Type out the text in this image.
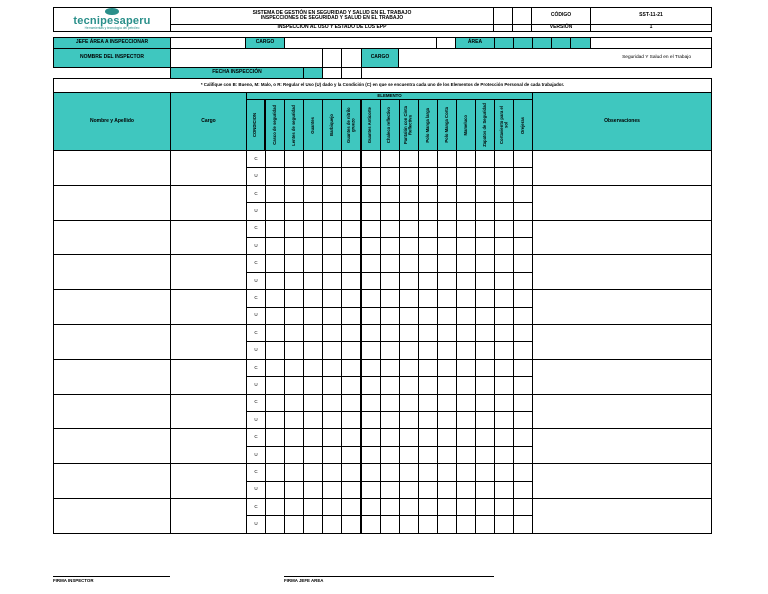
tecnipesaperu
Herramientas y tecnología del petróleo
SISTEMA DE GESTIÓN EN SEGURIDAD Y SALUD EN EL TRABAJO
INSPECCIONES DE SEGURIDAD Y SALUD EN EL TRABAJO
INSPECCION AL USO Y ESTADO DE LOS EPP
CÓDIGO	SST-11-21
VERSIÓN	1
JEFE ÁREA A INSPECCIONAR	CARGO	ÁREA
NOMBRE DEL INSPECTOR	CARGO	Seguridad Y Salud en el Trabajo
FECHA INSPECCIÓN
* Califique con B: Bueno, M: Malo, o R: Regular el Uso (U) dado y la Condición (C) en que se encuentra cada uno de los Elementos de Protección Personal de cada trabajador.
Nombre y Apellido	Cargo
ELEMENTO
CONDICION	Casco de seguridad	Lentes de seguridad	Guantes	Barbiquejo	Guantes de nitrilo gruezo	Guantes Anticorte	Chaleco reflectivo	Pantalón con Cinta Reflectiva	Polo Manga larga	Polo Manga Corta	Mameluco	Zapatos de Seguridad	Cortaviento para el sol	Orejeras	Observaciones
C
U
C
U
C
U
C
U
C
U
C
U
C
U
C
U
C
U
C
U
C
U
FIRMA INSPECTOR	FIRMA JEFE AREA
